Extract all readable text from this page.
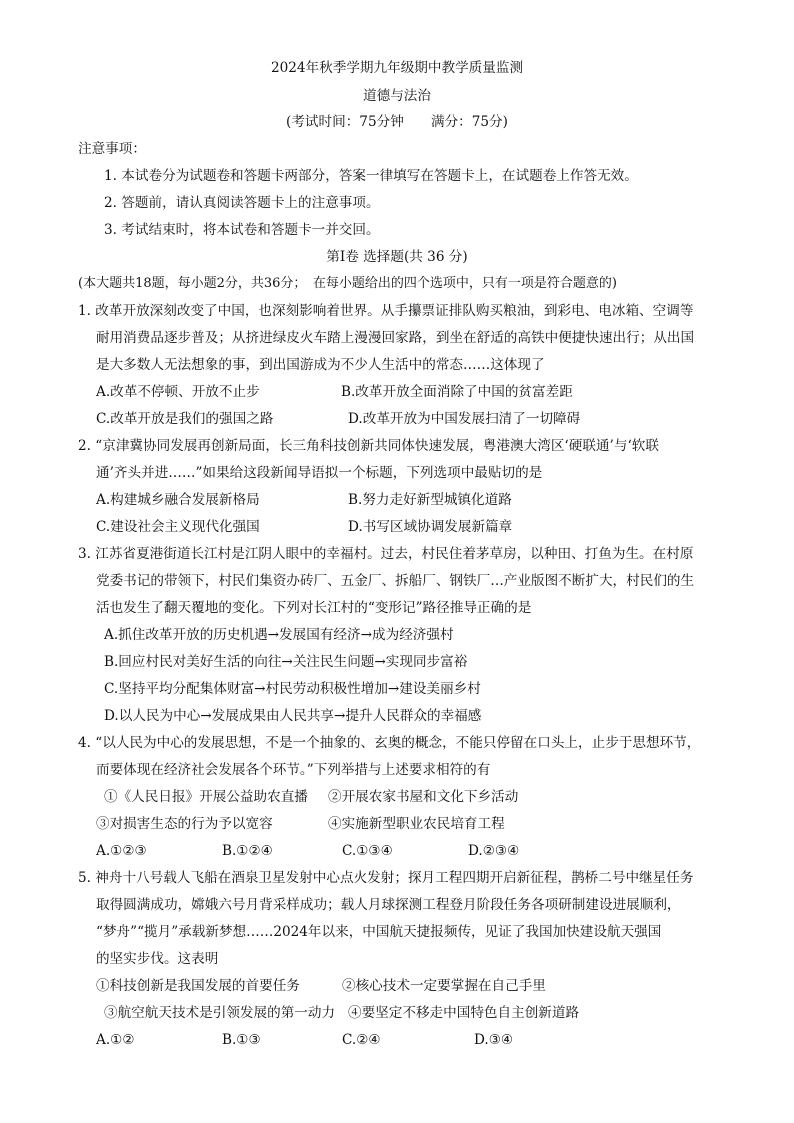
2024年秋季学期九年级期中教学质量监测
道德与法治
(考试时间：75分钟　　满分：75分)
注意事项：
1. 本试卷分为试题卷和答题卡两部分，答案一律填写在答题卡上，在试题卷上作答无效。
2. 答题前，请认真阅读答题卡上的注意事项。
3. 考试结束时，将本试卷和答题卡一并交回。
第Ⅰ卷 选择题(共 36 分)
(本大题共18题，每小题2分，共36分；　在每小题给出的四个选项中，只有一项是符合题意的)
1. 改革开放深刻改变了中国，也深刻影响着世界。从手攥票证排队购买粮油，到彩电、电冰箱、空调等
耐用消费品逐步普及；从挤进绿皮火车踏上漫漫回家路，到坐在舒适的高铁中便捷快速出行；从出国
是大多数人无法想象的事，到出国游成为不少人生活中的常态……这体现了
A.改革不停顿、开放不止步	B.改革开放全面消除了中国的贫富差距
C.改革开放是我们的强国之路	D.改革开放为中国发展扫清了一切障碍
2. “京津冀协同发展再创新局面，长三角科技创新共同体快速发展，粤港澳大湾区‘硬联通’与‘软联
通’齐头并进……”如果给这段新闻导语拟一个标题，下列选项中最贴切的是
A.构建城乡融合发展新格局	B.努力走好新型城镇化道路
C.建设社会主义现代化强国	D.书写区域协调发展新篇章
3. 江苏省夏港街道长江村是江阴人眼中的幸福村。过去，村民住着茅草房，以种田、打鱼为生。在村原
党委书记的带领下，村民们集资办砖厂、五金厂、拆船厂、钢铁厂…产业版图不断扩大，村民们的生
活也发生了翻天覆地的变化。下列对长江村的“变形记”路径推导正确的是
A.抓住改革开放的历史机遇→发展国有经济→成为经济强村
B.回应村民对美好生活的向往→关注民生问题→实现同步富裕
C.坚持平均分配集体财富→村民劳动积极性增加→建设美丽乡村
D.以人民为中心→发展成果由人民共享→提升人民群众的幸福感
4. “以人民为中心的发展思想，不是一个抽象的、玄奥的概念，不能只停留在口头上，止步于思想环节，
而要体现在经济社会发展各个环节。”下列举措与上述要求相符的有
①《人民日报》开展公益助农直播 ②开展农家书屋和文化下乡活动
③对损害生态的行为予以宽容	④实施新型职业农民培育工程
A.①②③	B.①②④	C.①③④	D.②③④
5. 神舟十八号载人飞船在酒泉卫星发射中心点火发射；探月工程四期开启新征程，鹊桥二号中继星任务
取得圆满成功，嫦娥六号月背采样成功；载人月球探测工程登月阶段任务各项研制建设进展顺利，
“梦舟”“揽月”承载新梦想……2024年以来，中国航天捷报频传，见证了我国加快建设航天强国
的坚实步伐。这表明
①科技创新是我国发展的首要任务	②核心技术一定要掌握在自己手里
③航空航天技术是引领发展的第一动力 ④要坚定不移走中国特色自主创新道路
A.①②	B.①③	C.②④	D.③④
